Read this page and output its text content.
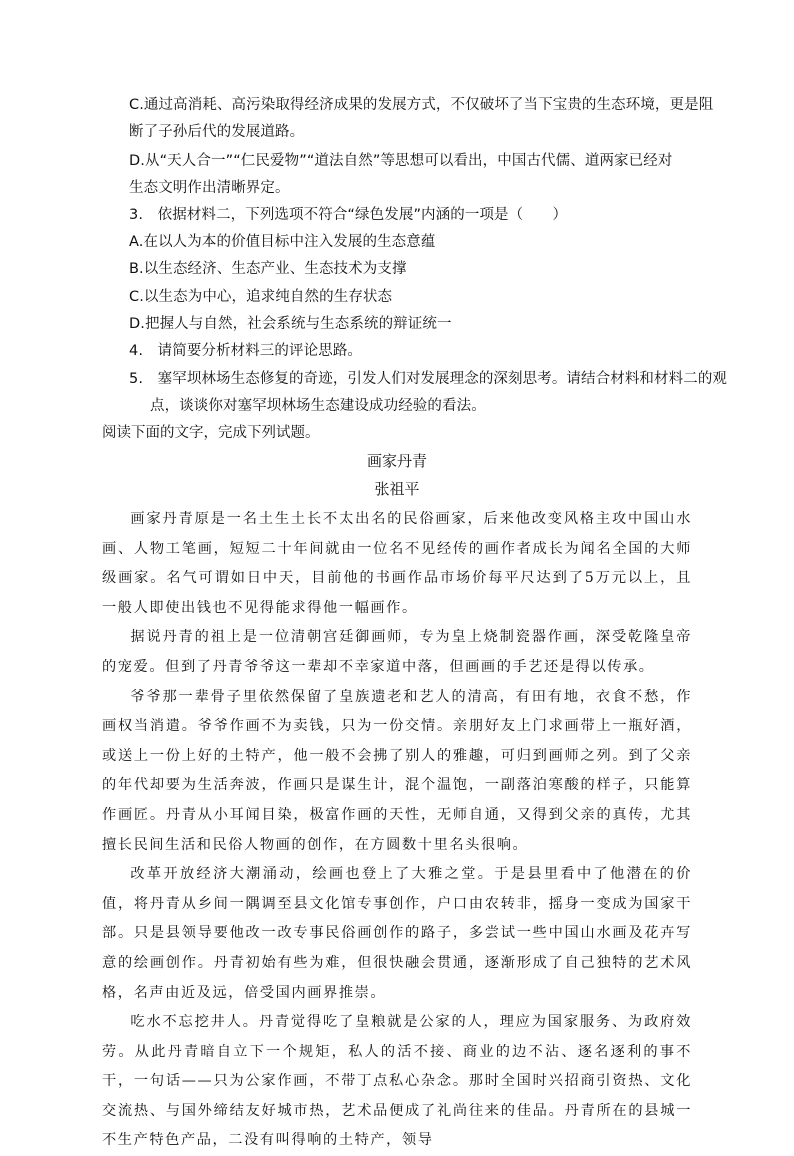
C.通过高消耗、高污染取得经济成果的发展方式，不仅破坏了当下宝贵的生态环境，更是阻
断了子孙后代的发展道路。
D.从“天人合一”“仁民爱物”“道法自然”等思想可以看出，中国古代儒、道两家已经对
生态文明作出清晰界定。
3.　依据材料二，下列选项不符合“绿色发展”内涵的一项是（　　）
A.在以人为本的价值目标中注入发展的生态意蕴
B.以生态经济、生态产业、生态技术为支撑
C.以生态为中心，追求纯自然的生存状态
D.把握人与自然，社会系统与生态系统的辩证统一
4.　请简要分析材料三的评论思路。
5.　塞罕坝林场生态修复的奇迹，引发人们对发展理念的深刻思考。请结合材料和材料二的观
点，谈谈你对塞罕坝林场生态建设成功经验的看法。
阅读下面的文字，完成下列试题。
画家丹青
张祖平

画家丹青原是一名土生土长不太出名的民俗画家，后来他改变风格主攻中国山水画、人物工笔画，短短二十年间就由一位名不见经传的画作者成长为闻名全国的大师级画家。名气可谓如日中天，目前他的书画作品市场价每平尺达到了5万元以上，且一般人即使出钱也不见得能求得他一幅画作。

据说丹青的祖上是一位清朝宫廷御画师，专为皇上烧制瓷器作画，深受乾隆皇帝的宠爱。但到了丹青爷爷这一辈却不幸家道中落，但画画的手艺还是得以传承。

爷爷那一辈骨子里依然保留了皇族遗老和艺人的清高，有田有地，衣食不愁，作画权当消遣。爷爷作画不为卖钱，只为一份交情。亲朋好友上门求画带上一瓶好酒，或送上一份上好的土特产，他一般不会拂了别人的雅趣，可归到画师之列。到了父亲的年代却要为生活奔波，作画只是谋生计，混个温饱，一副落泊寒酸的样子，只能算作画匠。丹青从小耳闻目染，极富作画的天性，无师自通，又得到父亲的真传，尤其擅长民间生活和民俗人物画的创作，在方圆数十里名头很响。

改革开放经济大潮涌动，绘画也登上了大雅之堂。于是县里看中了他潜在的价值，将丹青从乡间一隅调至县文化馆专事创作，户口由农转非，摇身一变成为国家干部。只是县领导要他改一改专事民俗画创作的路子，多尝试一些中国山水画及花卉写意的绘画创作。丹青初始有些为难，但很快融会贯通，逐渐形成了自己独特的艺术风格，名声由近及远，倍受国内画界推崇。

吃水不忘挖井人。丹青觉得吃了皇粮就是公家的人，理应为国家服务、为政府效劳。从此丹青暗自立下一个规矩，私人的活不接、商业的边不沾、逐名逐利的事不干，一句话——只为公家作画，不带丁点私心杂念。那时全国时兴招商引资热、文化交流热、与国外缔结友好城市热，艺术品便成了礼尚往来的佳品。丹青所在的县城一不生产特色产品，二没有叫得响的土特产，领导
